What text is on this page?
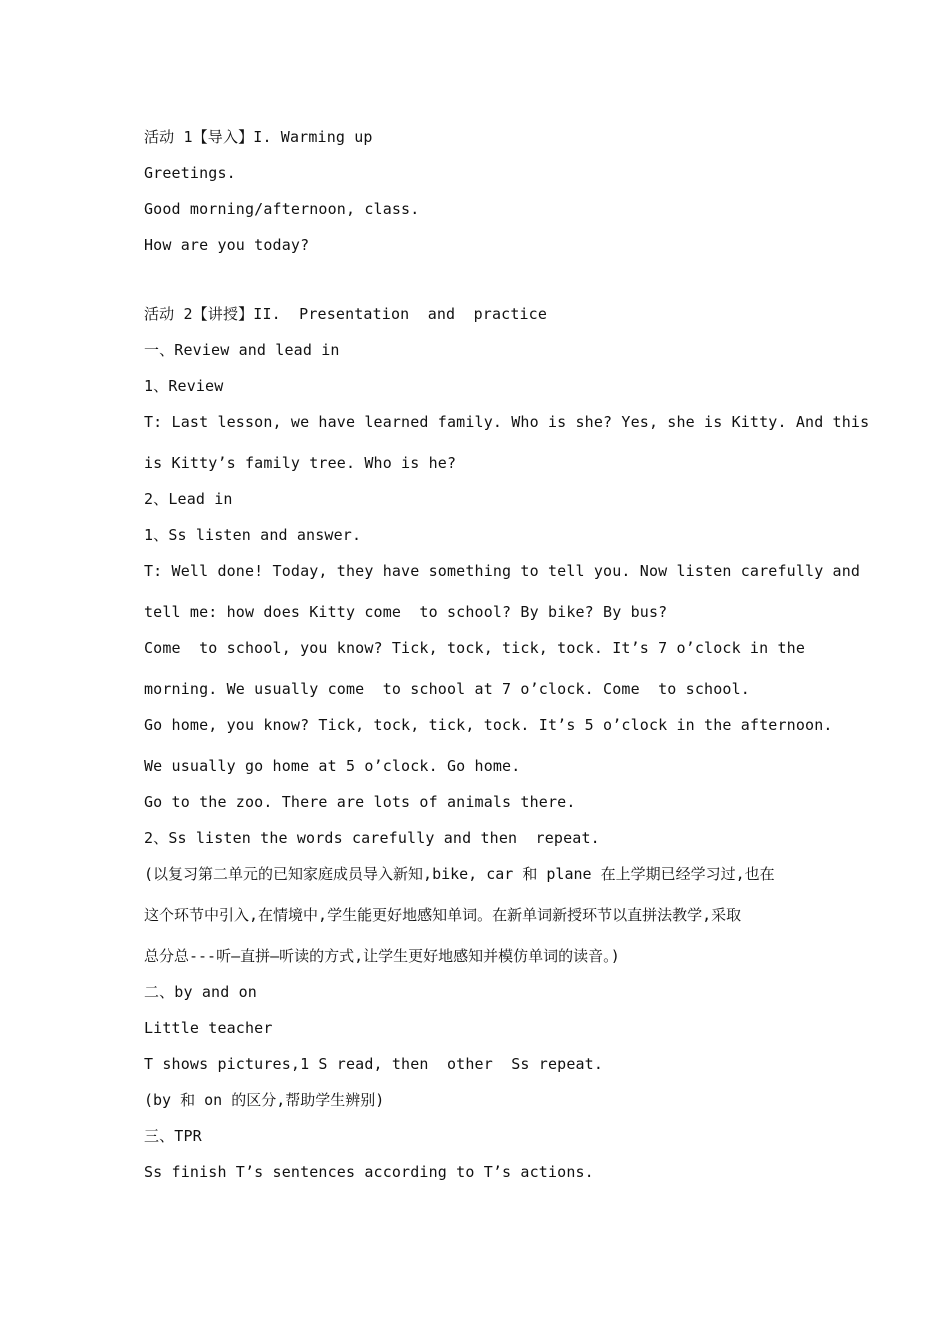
活动 1【导入】I. Warming up
Greetings.
Good morning/afternoon, class.
How are you today?
活动 2【讲授】II.  Presentation  and  practice
一、Review and lead in
1、Review
T: Last lesson, we have learned family. Who is she? Yes, she is Kitty. And this
is Kitty’s family tree. Who is he?
2、Lead in
1、Ss listen and answer.
T: Well done! Today, they have something to tell you. Now listen carefully and
tell me: how does Kitty come  to school? By bike? By bus?
Come  to school, you know? Tick, tock, tick, tock. It’s 7 o’clock in the
morning. We usually come  to school at 7 o’clock. Come  to school.
Go home, you know? Tick, tock, tick, tock. It’s 5 o’clock in the afternoon.
We usually go home at 5 o’clock. Go home.
Go to the zoo. There are lots of animals there.
2、Ss listen the words carefully and then  repeat.
(以复习第二单元的已知家庭成员导入新知,bike, car 和 plane 在上学期已经学习过,也在
这个环节中引入,在情境中,学生能更好地感知单词。在新单词新授环节以直拼法教学,采取
总分总---听—直拼—听读的方式,让学生更好地感知并模仿单词的读音。)
二、by and on
Little teacher
T shows pictures,1 S read, then  other  Ss repeat.
(by 和 on 的区分,帮助学生辨别)
三、TPR
Ss finish T’s sentences according to T’s actions.
